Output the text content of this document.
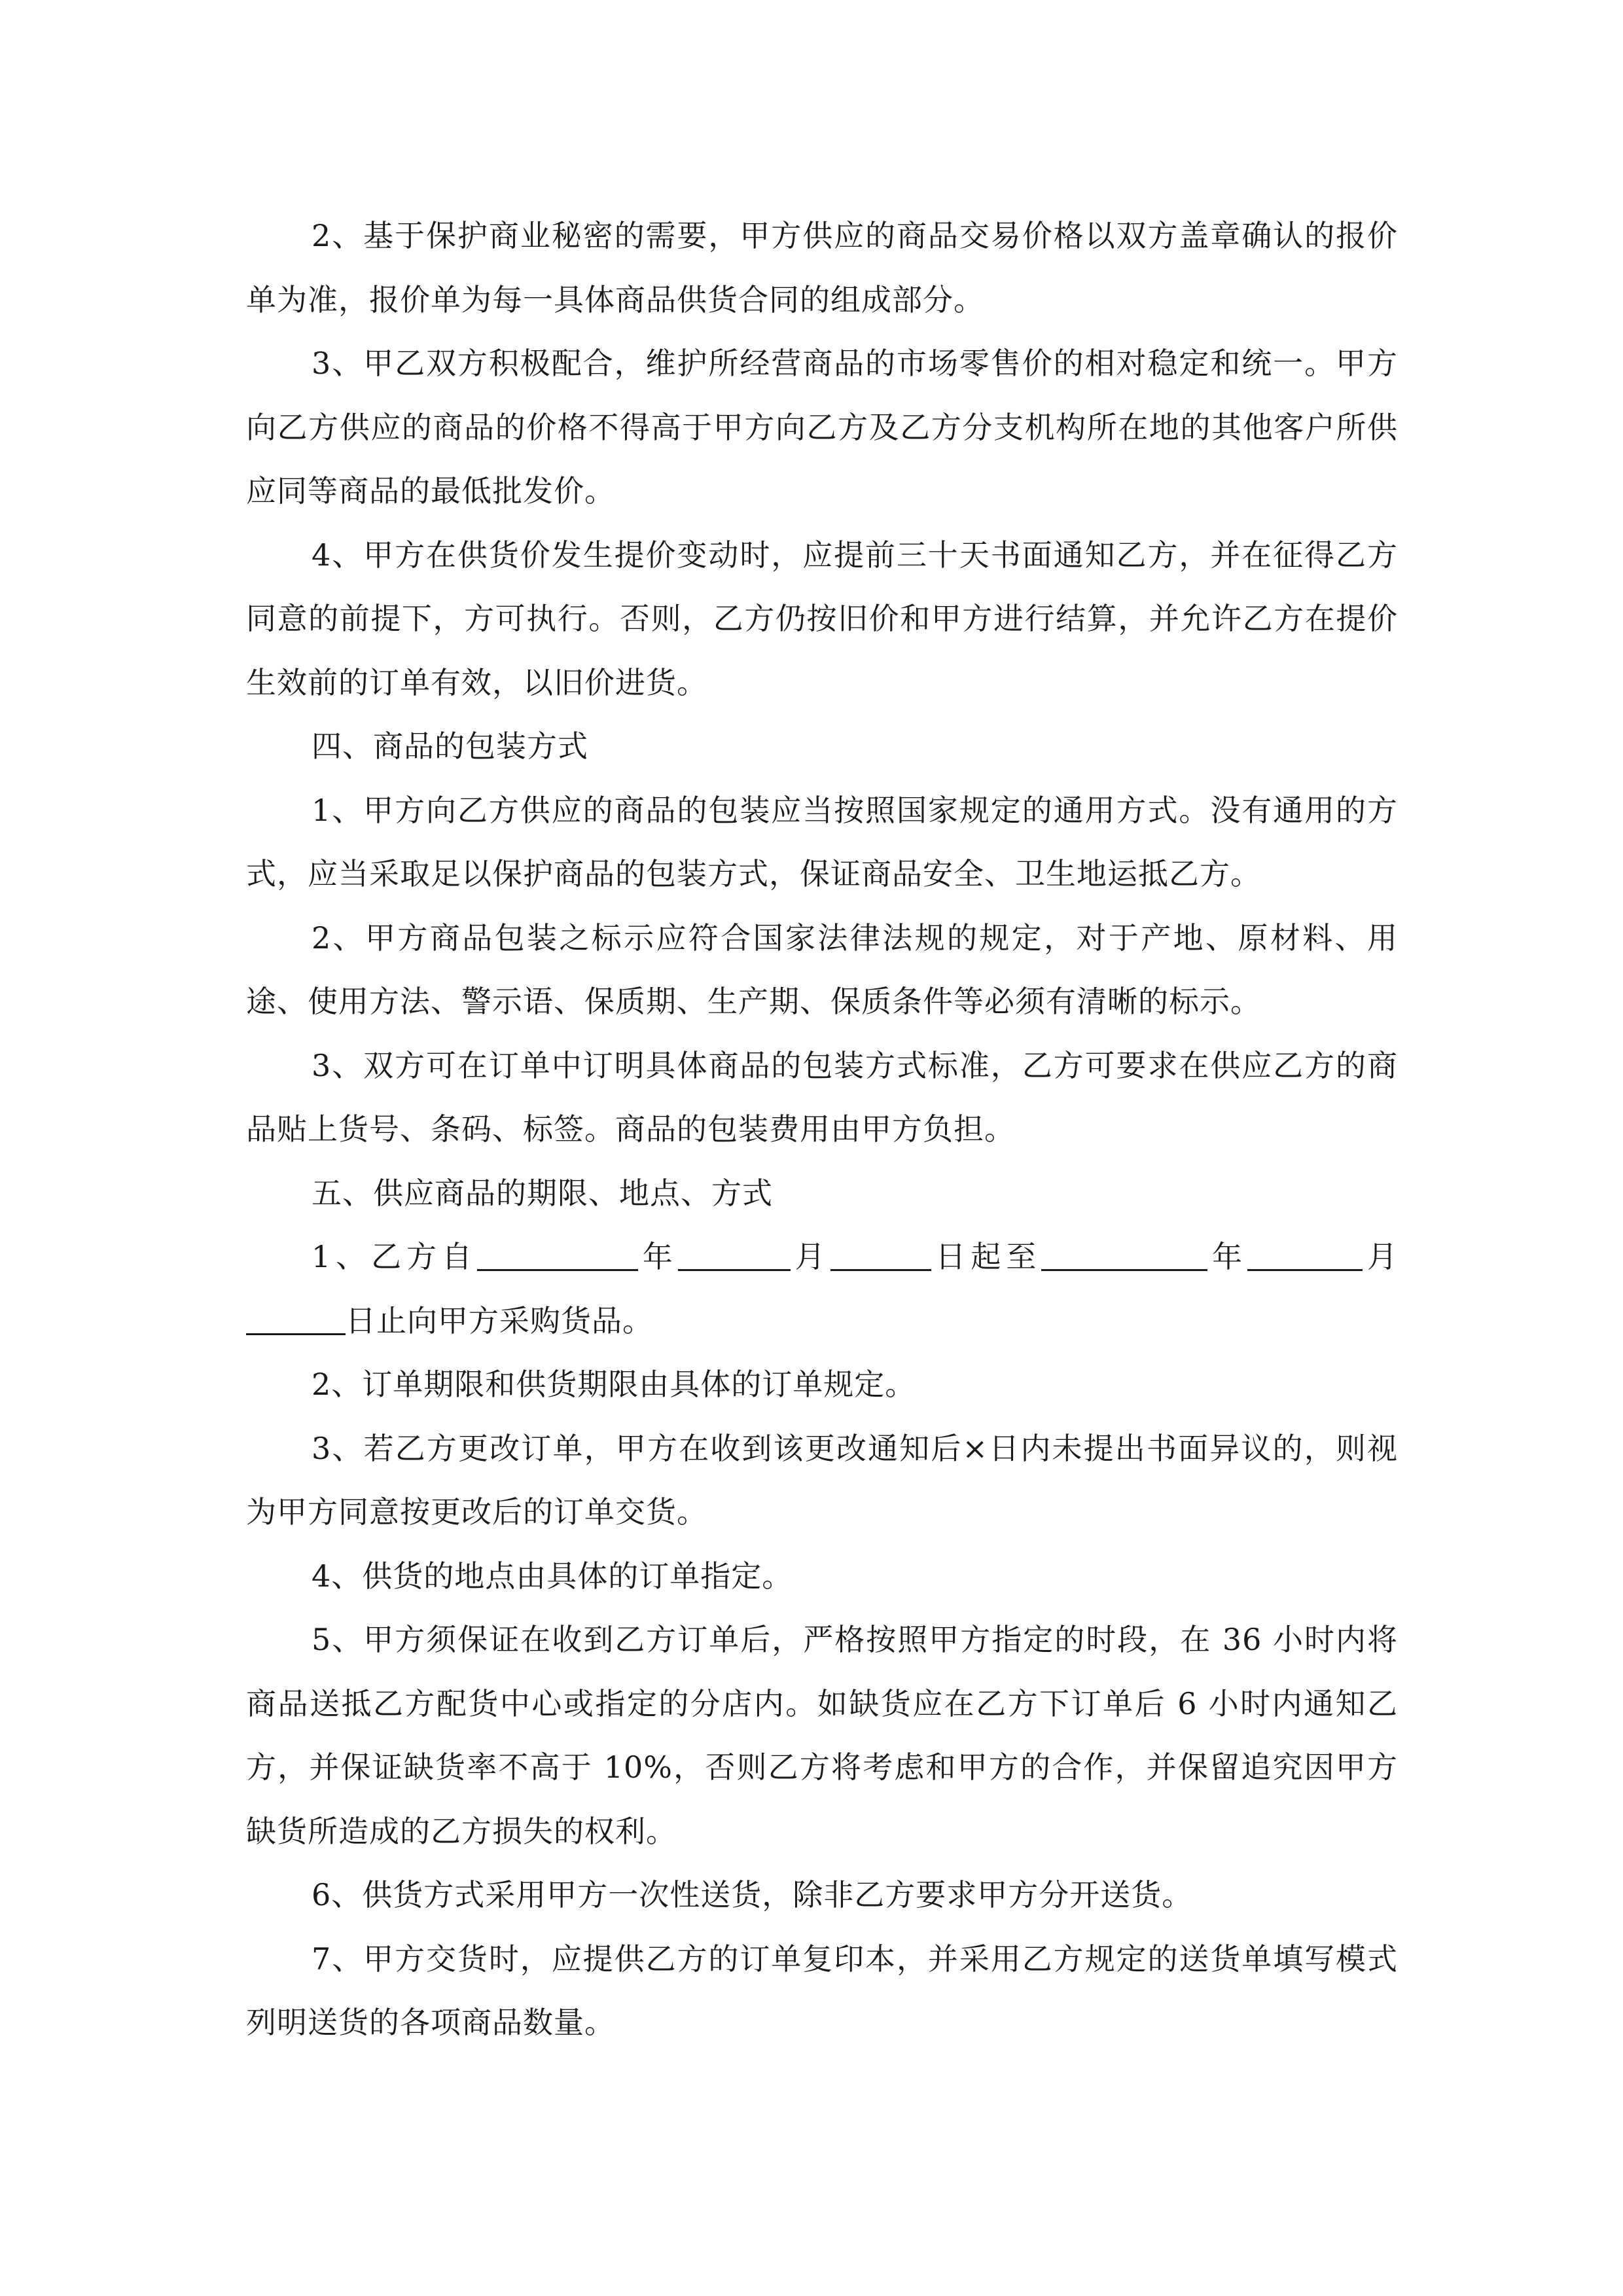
2、基于保护商业秘密的需要，甲方供应的商品交易价格以双方盖章确认的报价单为准，报价单为每一具体商品供货合同的组成部分。

3、甲乙双方积极配合，维护所经营商品的市场零售价的相对稳定和统一。甲方向乙方供应的商品的价格不得高于甲方向乙方及乙方分支机构所在地的其他客户所供应同等商品的最低批发价。

4、甲方在供货价发生提价变动时，应提前三十天书面通知乙方，并在征得乙方同意的前提下，方可执行。否则，乙方仍按旧价和甲方进行结算，并允许乙方在提价生效前的订单有效，以旧价进货。

四、商品的包装方式

1、甲方向乙方供应的商品的包装应当按照国家规定的通用方式。没有通用的方式，应当采取足以保护商品的包装方式，保证商品安全、卫生地运抵乙方。

2、甲方商品包装之标示应符合国家法律法规的规定，对于产地、原材料、用途、使用方法、警示语、保质期、生产期、保质条件等必须有清晰的标示。

3、双方可在订单中订明具体商品的包装方式标准，乙方可要求在供应乙方的商品贴上货号、条码、标签。商品的包装费用由甲方负担。

五、供应商品的期限、地点、方式

1、乙方自	年	月	日起至	年	月日止向甲方采购货品。

2、订单期限和供货期限由具体的订单规定。

3、若乙方更改订单，甲方在收到该更改通知后×日内未提出书面异议的，则视为甲方同意按更改后的订单交货。

4、供货的地点由具体的订单指定。

5、甲方须保证在收到乙方订单后，严格按照甲方指定的时段，在 36 小时内将商品送抵乙方配货中心或指定的分店内。如缺货应在乙方下订单后 6 小时内通知乙方，并保证缺货率不高于 10%，否则乙方将考虑和甲方的合作，并保留追究因甲方缺货所造成的乙方损失的权利。

6、供货方式采用甲方一次性送货，除非乙方要求甲方分开送货。

7、甲方交货时，应提供乙方的订单复印本，并采用乙方规定的送货单填写模式列明送货的各项商品数量。
